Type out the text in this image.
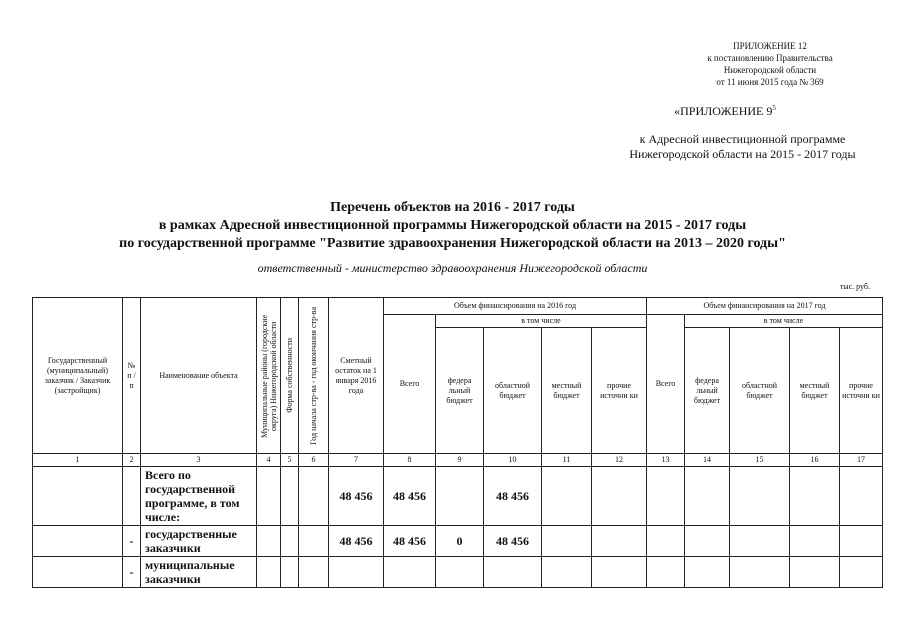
ПРИЛОЖЕНИЕ 12
к постановлению Правительства
Нижегородской области
от 11 июня 2015 года № 369
«ПРИЛОЖЕНИЕ $9^5$
к Адресной инвестиционной программе
Нижегородской области на 2015 - 2017 годы
Перечень объектов на 2016 - 2017 годы
в рамках Адресной инвестиционной программы Нижегородской области на 2015 - 2017 годы
по государственной программе "Развитие здравоохранения Нижегородской области на 2013 – 2020 годы"
ответственный - министерство здравоохранения Нижегородской области
тыс. руб.
Государственный (муниципальный) заказчик / Заказчик (застройщик)	№ п / п	Наименование объекта	Муниципальные районы (городские округа) Нижегородской области	Форма собственности	Год начала стр-ва - год окончания стр-ва	Сметный остаток на 1 января 2016 года	Объем финансирования на 2016 год					Объем финансирования на 2017 год				
							Всего	в том числе				Всего	в том числе			
								федера льный бюджет	областной бюджет	местный бюджет	прочие источни ки		федера льный бюджет	областной бюджет	местный бюджет	прочие источни ки
1	2	3	4	5	6	7	8	9	10	11	12	13	14	15	16	17
		Всего по государственной программе, в том числе:				48 456	48 456		48 456							
	-	государственные заказчики				48 456	48 456	0	48 456							
	-	муниципальные заказчики														
